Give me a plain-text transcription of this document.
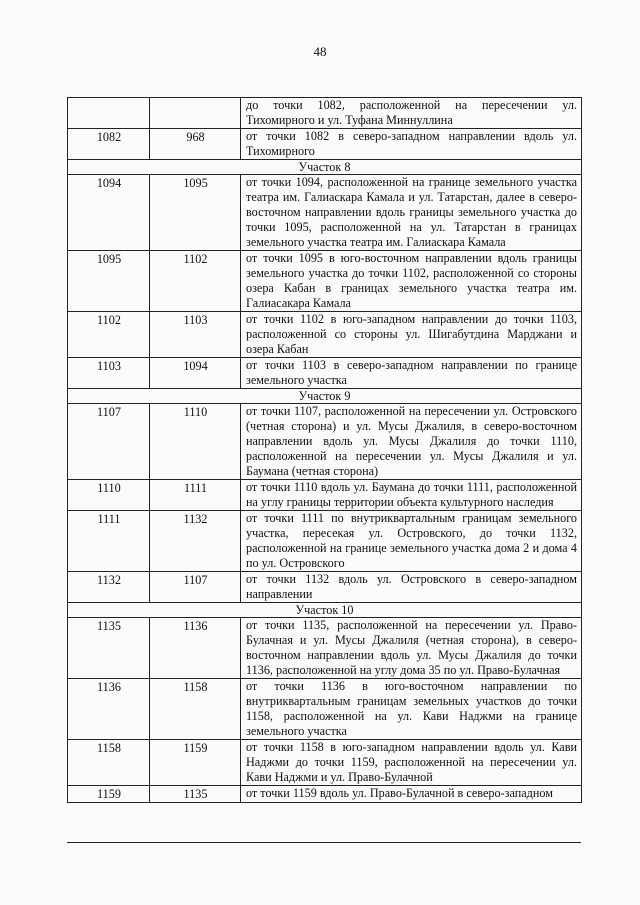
48
		до точки 1082, расположенной на пересечении ул. Тихомирного и ул. Туфана Миннуллина
1082	968	от точки 1082 в северо-западном направлении вдоль ул. Тихомирного
Участок 8		
1094	1095	от точки 1094, расположенной на границе земельного участка театра им. Галиаскара Камала и ул. Татарстан, далее в северо-восточном направлении вдоль границы земельного участка до точки 1095, расположенной на ул. Татарстан в границах земельного участка театра им. Галиаскара Камала
1095	1102	от точки 1095 в юго-восточном направлении вдоль границы земельного участка до точки 1102, расположенной со стороны озера Кабан в границах земельного участка театра им. Галиасакара Камала
1102	1103	от точки 1102 в юго-западном направлении до точки 1103, расположенной со стороны ул. Шигабутдина Марджани и озера Кабан
1103	1094	от точки 1103 в северо-западном направлении по границе земельного участка
Участок 9		
1107	1110	от точки 1107, расположенной на пересечении ул. Островского (четная сторона) и ул. Мусы Джалиля, в северо-восточном направлении вдоль ул. Мусы Джалиля до точки 1110, расположенной на пересечении ул. Мусы Джалиля и ул. Баумана (четная сторона)
1110	1111	от точки 1110 вдоль ул. Баумана до точки 1111, расположенной на углу границы территории объекта культурного наследия
1111	1132	от точки 1111 по внутриквартальным границам земельного участка, пересекая ул. Островского, до точки 1132, расположенной на границе земельного участка дома 2 и дома 4 по ул. Островского
1132	1107	от точки 1132 вдоль ул. Островского в северо-западном направлении
Участок 10		
1135	1136	от точки 1135, расположенной на пересечении ул. Право-Булачная и ул. Мусы Джалиля (четная сторона), в северо-восточном направлении вдоль ул. Мусы Джалиля до точки 1136, расположенной на углу дома 35 по ул. Право-Булачная
1136	1158	от точки 1136 в юго-восточном направлении по внутриквартальным границам земельных участков до точки 1158, расположенной на ул. Кави Наджми на границе земельного участка
1158	1159	от точки 1158 в юго-западном направлении вдоль ул. Кави Наджми до точки 1159, расположенной на пересечении ул. Кави Наджми и ул. Право-Булачной
1159	1135	от точки 1159 вдоль ул. Право-Булачной в северо-западном
